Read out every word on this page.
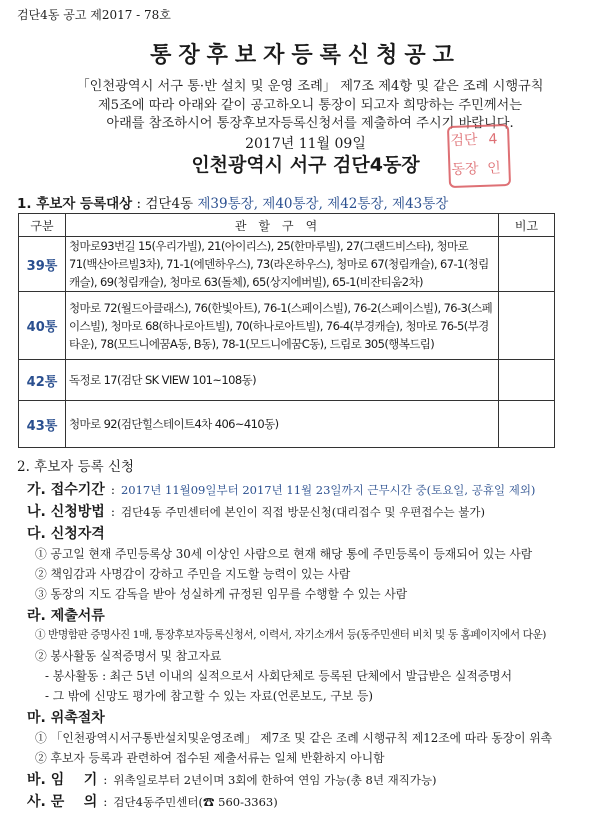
검단4동 공고 제2017 - 78호
통장후보자등록신청공고
「인천광역시 서구 통·반 설치 및 운영 조례」 제7조 제4항 및 같은 조례 시행규칙
제5조에 따라 아래와 같이 공고하오니 통장이 되고자 희망하는 주민께서는
아래를 참조하시어 통장후보자등록신청서를 제출하여 주시기 바랍니다.
2017년 11월 09일
인천광역시 서구 검단4동장
검단 4
동장 인
1. 후보자 등록대상 : 검단4동 제39통장, 제40통장, 제42통장, 제43통장
구분	관할구역	비고
39통	청마로93번길 15(우리가빌), 21(아이리스), 25(한마루빌), 27(그랜드비스타), 청마로 71(백산아르빌3차), 71-1(에덴하우스), 73(라온하우스), 청마로 67(청림캐슬), 67-1(청림캐슬), 69(청림캐슬), 청마로 63(돌체), 65(상지에버빌), 65-1(비잔티움2차)	
40통	청마로 72(월드아클래스), 76(한빛아트), 76-1(스페이스빌), 76-2(스페이스빌), 76-3(스페이스빌), 청마로 68(하나로아트빌), 70(하나로아트빌), 76-4(부경캐슬), 청마로 76-5(부경타운), 78(모드니에꿈A동, B동), 78-1(모드니에꿈C동), 드림로 305(행복드림)	
42통	독정로 17(검단 SK VIEW 101~108동)	
43통	청마로 92(검단힐스테이트4차 406~410동)	
2. 후보자 등록 신청
가. 접수기간 : 2017년 11월09일부터 2017년 11월 23일까지 근무시간 중(토요일, 공휴일 제외)
나. 신청방법 : 검단4동 주민센터에 본인이 직접 방문신청(대리접수 및 우편접수는 불가)
다. 신청자격
① 공고일 현재 주민등록상 30세 이상인 사람으로 현재 해당 통에 주민등록이 등재되어 있는 사람
② 책임감과 사명감이 강하고 주민을 지도할 능력이 있는 사람
③ 동장의 지도 감독을 받아 성실하게 규정된 임무를 수행할 수 있는 사람
라. 제출서류
① 반명함판 증명사진 1매, 통장후보자등록신청서, 이력서, 자기소개서 등(동주민센터 비치 및 동 홈페이지에서 다운)
② 봉사활동 실적증명서 및 참고자료
- 봉사활동 : 최근 5년 이내의 실적으로서 사회단체로 등록된 단체에서 발급받은 실적증명서
- 그 밖에 신망도 평가에 참고할 수 있는 자료(언론보도, 구보 등)
마. 위촉절차
① 「인천광역시서구통반설치및운영조례」 제7조 및 같은 조례 시행규칙 제12조에 따라 동장이 위촉
② 후보자 등록과 관련하여 접수된 제출서류는 일체 반환하지 아니함
바. 임    기 : 위촉일로부터 2년이며 3회에 한하여 연임 가능(총 8년 재직가능)
사. 문    의 : 검단4동주민센터(☎ 560-3363)
